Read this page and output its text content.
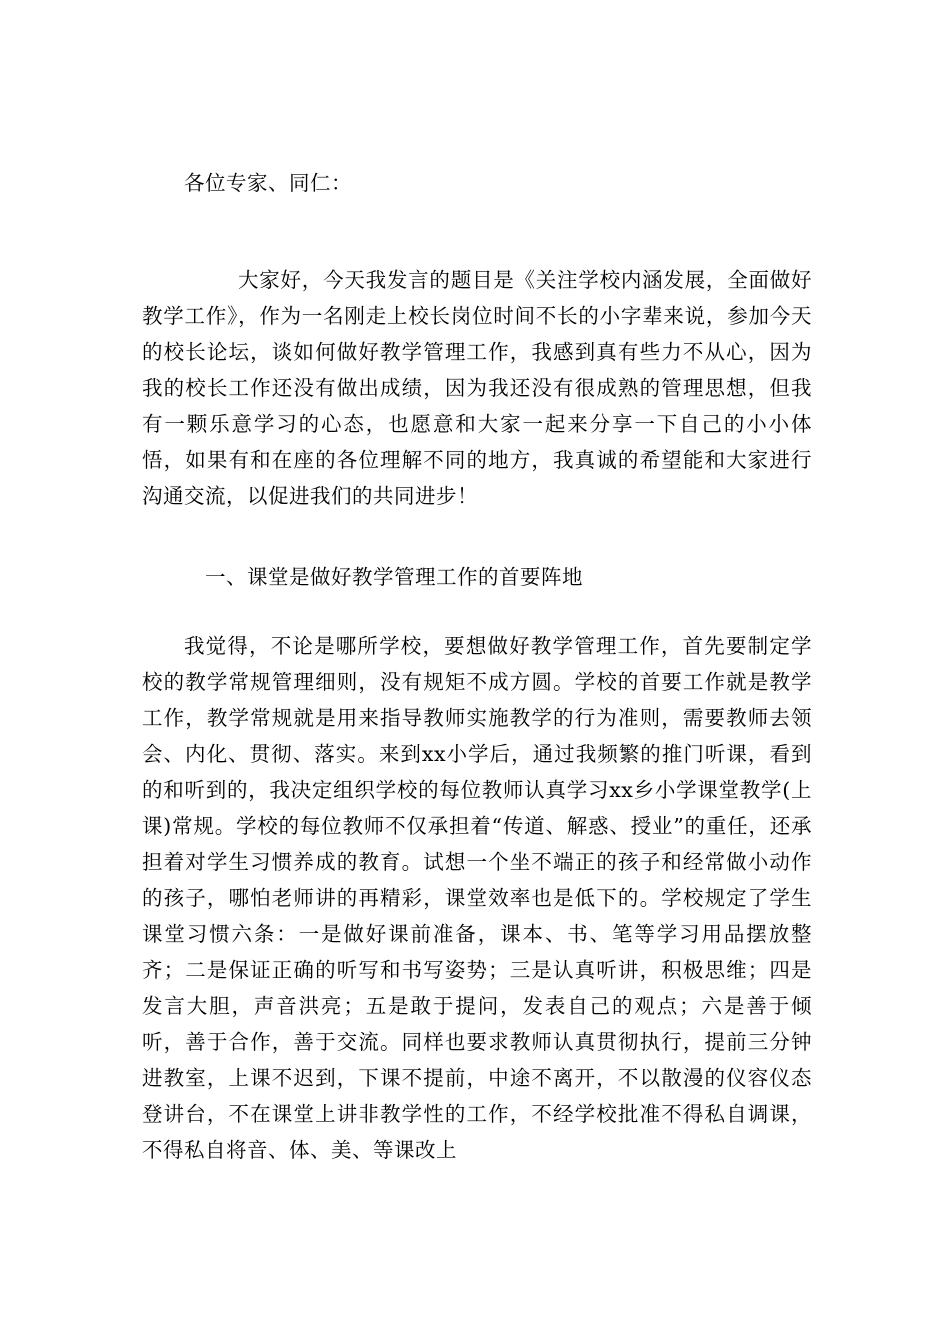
各位专家、同仁：

大家好，今天我发言的题目是《关注学校内涵发展，全面做好教学工作》，作为一名刚走上校长岗位时间不长的小字辈来说，参加今天的校长论坛，谈如何做好教学管理工作，我感到真有些力不从心，因为我的校长工作还没有做出成绩，因为我还没有很成熟的管理思想，但我有一颗乐意学习的心态，也愿意和大家一起来分享一下自己的小小体悟，如果有和在座的各位理解不同的地方，我真诚的希望能和大家进行沟通交流，以促进我们的共同进步！

一、课堂是做好教学管理工作的首要阵地

我觉得，不论是哪所学校，要想做好教学管理工作，首先要制定学校的教学常规管理细则，没有规矩不成方圆。学校的首要工作就是教学工作，教学常规就是用来指导教师实施教学的行为准则，需要教师去领会、内化、贯彻、落实。来到xx小学后，通过我频繁的推门听课，看到的和听到的，我决定组织学校的每位教师认真学习xx乡小学课堂教学(上课)常规。学校的每位教师不仅承担着“传道、解惑、授业”的重任，还承担着对学生习惯养成的教育。试想一个坐不端正的孩子和经常做小动作的孩子，哪怕老师讲的再精彩，课堂效率也是低下的。学校规定了学生课堂习惯六条：一是做好课前准备，课本、书、笔等学习用品摆放整齐；二是保证正确的听写和书写姿势；三是认真听讲，积极思维；四是发言大胆，声音洪亮；五是敢于提问，发表自己的观点；六是善于倾听，善于合作，善于交流。同样也要求教师认真贯彻执行，提前三分钟进教室，上课不迟到，下课不提前，中途不离开，不以散漫的仪容仪态登讲台，不在课堂上讲非教学性的工作，不经学校批准不得私自调课，不得私自将音、体、美、等课改上
